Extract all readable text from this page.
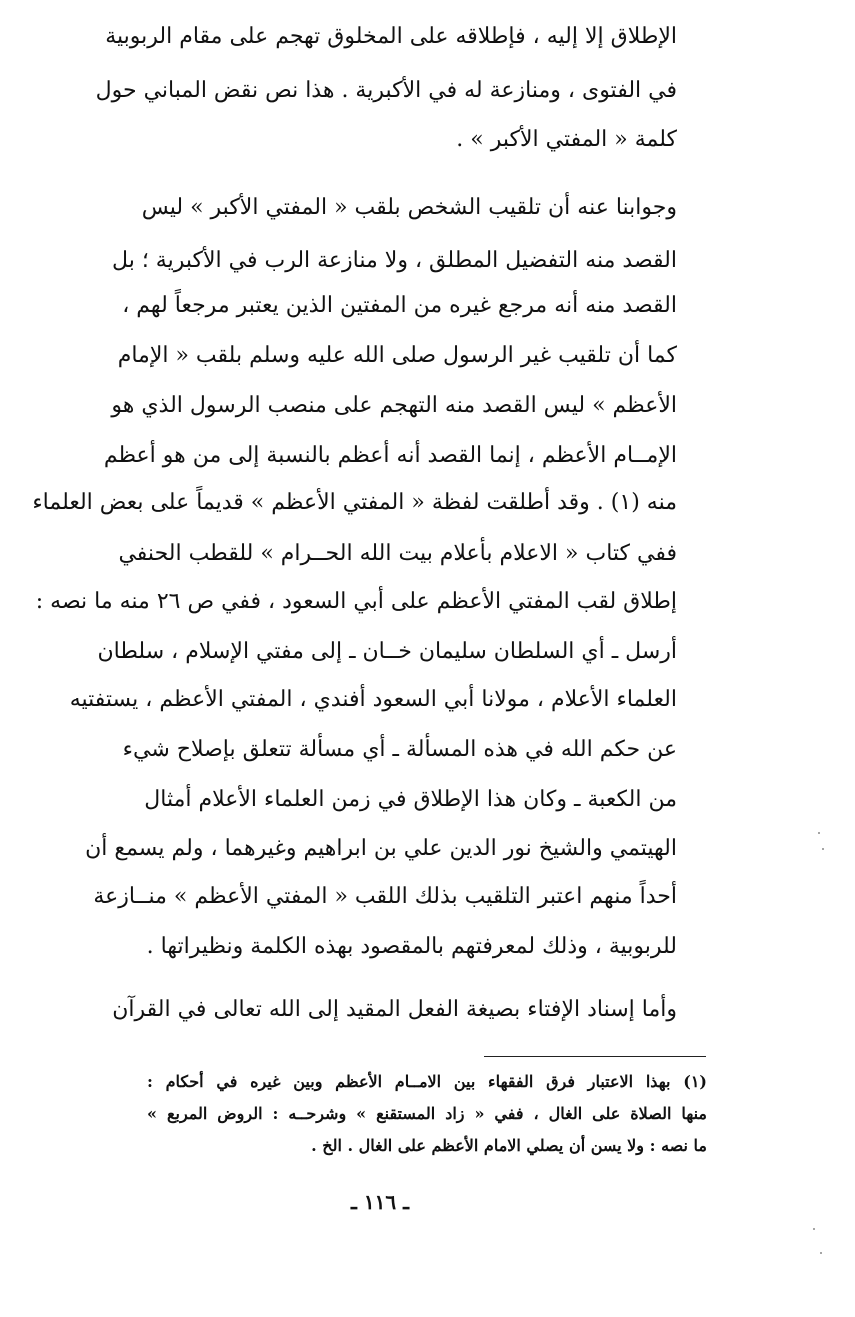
الإطلاق إلا إليه ، فإطلاقه على المخلوق تهجم على مقام الربوبية
في الفتوى ، ومنازعة له في الأكبرية . هذا نص نقض المباني حول
كلمة « المفتي الأكبر » .
وجوابنا عنه أن تلقيب الشخص بلقب « المفتي الأكبر » ليس
القصد منه التفضيل المطلق ، ولا منازعة الرب في الأكبرية ؛ بل
القصد منه أنه مرجع غيره من المفتين الذين يعتبر مرجعاً لهم ،
كما أن تلقيب غير الرسول صلى الله عليه وسلم بلقب « الإمام
الأعظم » ليس القصد منه التهجم على منصب الرسول الذي هو
الإمــام الأعظم ، إنما القصد أنه أعظم بالنسبة إلى من هو أعظم
منه (١) . وقد أطلقت لفظة « المفتي الأعظم » قديماً على بعض العلماء
ففي كتاب « الاعلام بأعلام بيت الله الحــرام » للقطب الحنفي
إطلاق لقب المفتي الأعظم على أبي السعود ، ففي ص ٢٦ منه ما نصه :
أرسل ـ أي السلطان سليمان خــان ـ إلى مفتي الإسلام ، سلطان
العلماء الأعلام ، مولانا أبي السعود أفندي ، المفتي الأعظم ، يستفتيه
عن حكم الله في هذه المسألة ـ أي مسألة تتعلق بإصلاح شيء
من الكعبة ـ وكان هذا الإطلاق في زمن العلماء الأعلام أمثال
الهيتمي والشيخ نور الدين علي بن ابراهيم وغيرهما ، ولم يسمع أن
أحداً منهم اعتبر التلقيب بذلك اللقب « المفتي الأعظم » منــازعة
للربوبية ، وذلك لمعرفتهم بالمقصود بهذه الكلمة ونظيراتها .
وأما إسناد الإفتاء بصيغة الفعل المقيد إلى الله تعالى في القرآن
(١) بهذا الاعتبار فرق الفقهاء بين الامــام الأعظم وبين غيره في أحكام :
منها الصلاة على الغال ، ففي « زاد المستقنع » وشرحــه : الروض المربع »
ما نصه : ولا يسن أن يصلي الامام الأعظم على الغال . الخ .
ـ ١١٦ ـ
